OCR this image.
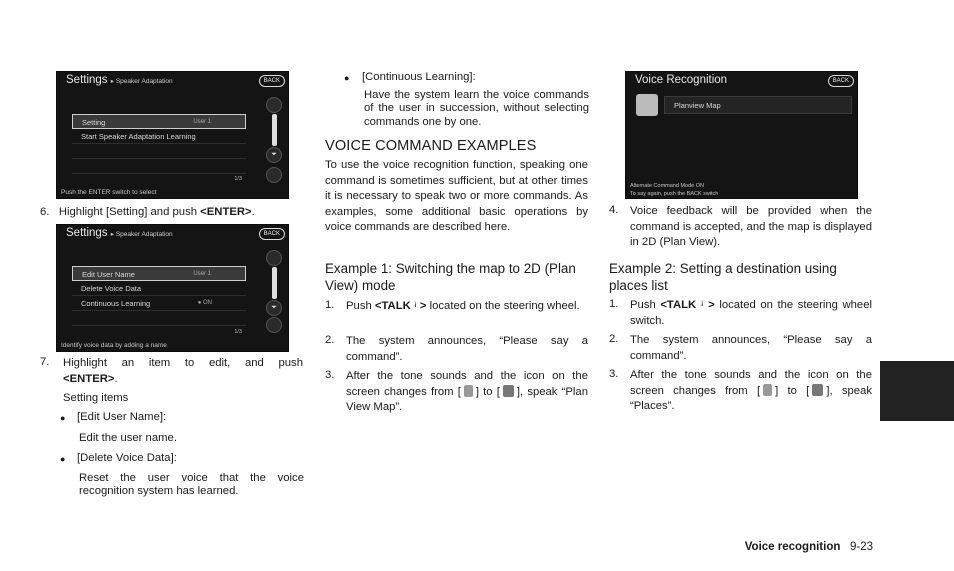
Settings ▸ Speaker Adaptation	BACK
Setting	User 1
Start Speaker Adaptation Learning
⏷
1/3
Push the ENTER switch to select
6. Highlight [Setting] and push <ENTER>.
Settings ▸ Speaker Adaptation	BACK
Edit User Name	User 1
Delete Voice Data
Continuous Learning	● ON
⏷
1/3
Identify voice data by adding a name
7. Highlight an item to edit, and push
<ENTER>.
Setting items
● [Edit User Name]:
Edit the user name.
● [Delete Voice Data]:
Reset the user voice that the voice recognition system has learned.
● [Continuous Learning]:
Have the system learn the voice commands of the user in succession, without selecting commands one by one.
VOICE COMMAND EXAMPLES
To use the voice recognition function, speaking one command is sometimes sufficient, but at other times it is necessary to speak two or more commands. As examples, some additional basic operations by voice commands are described here.
Example 1: Switching the map to 2D (Plan View) mode
1. Push <TALK ꜟ > located on the steering wheel.
2. The system announces, “Please say a command”.
3. After the tone sounds and the icon on the screen changes from [ ] to [ ], speak “Plan View Map”.
Voice Recognition	BACK
Planview Map
Alternate Command Mode ON
To say again, push the BACK switch
4. Voice feedback will be provided when the command is accepted, and the map is displayed in 2D (Plan View).
Example 2: Setting a destination using places list
1. Push <TALK ꜟ > located on the steering wheel switch.
2. The system announces, “Please say a command”.
3. After the tone sounds and the icon on the screen changes from [ ] to [ ], speak “Places”.
Voice recognition 9-23
